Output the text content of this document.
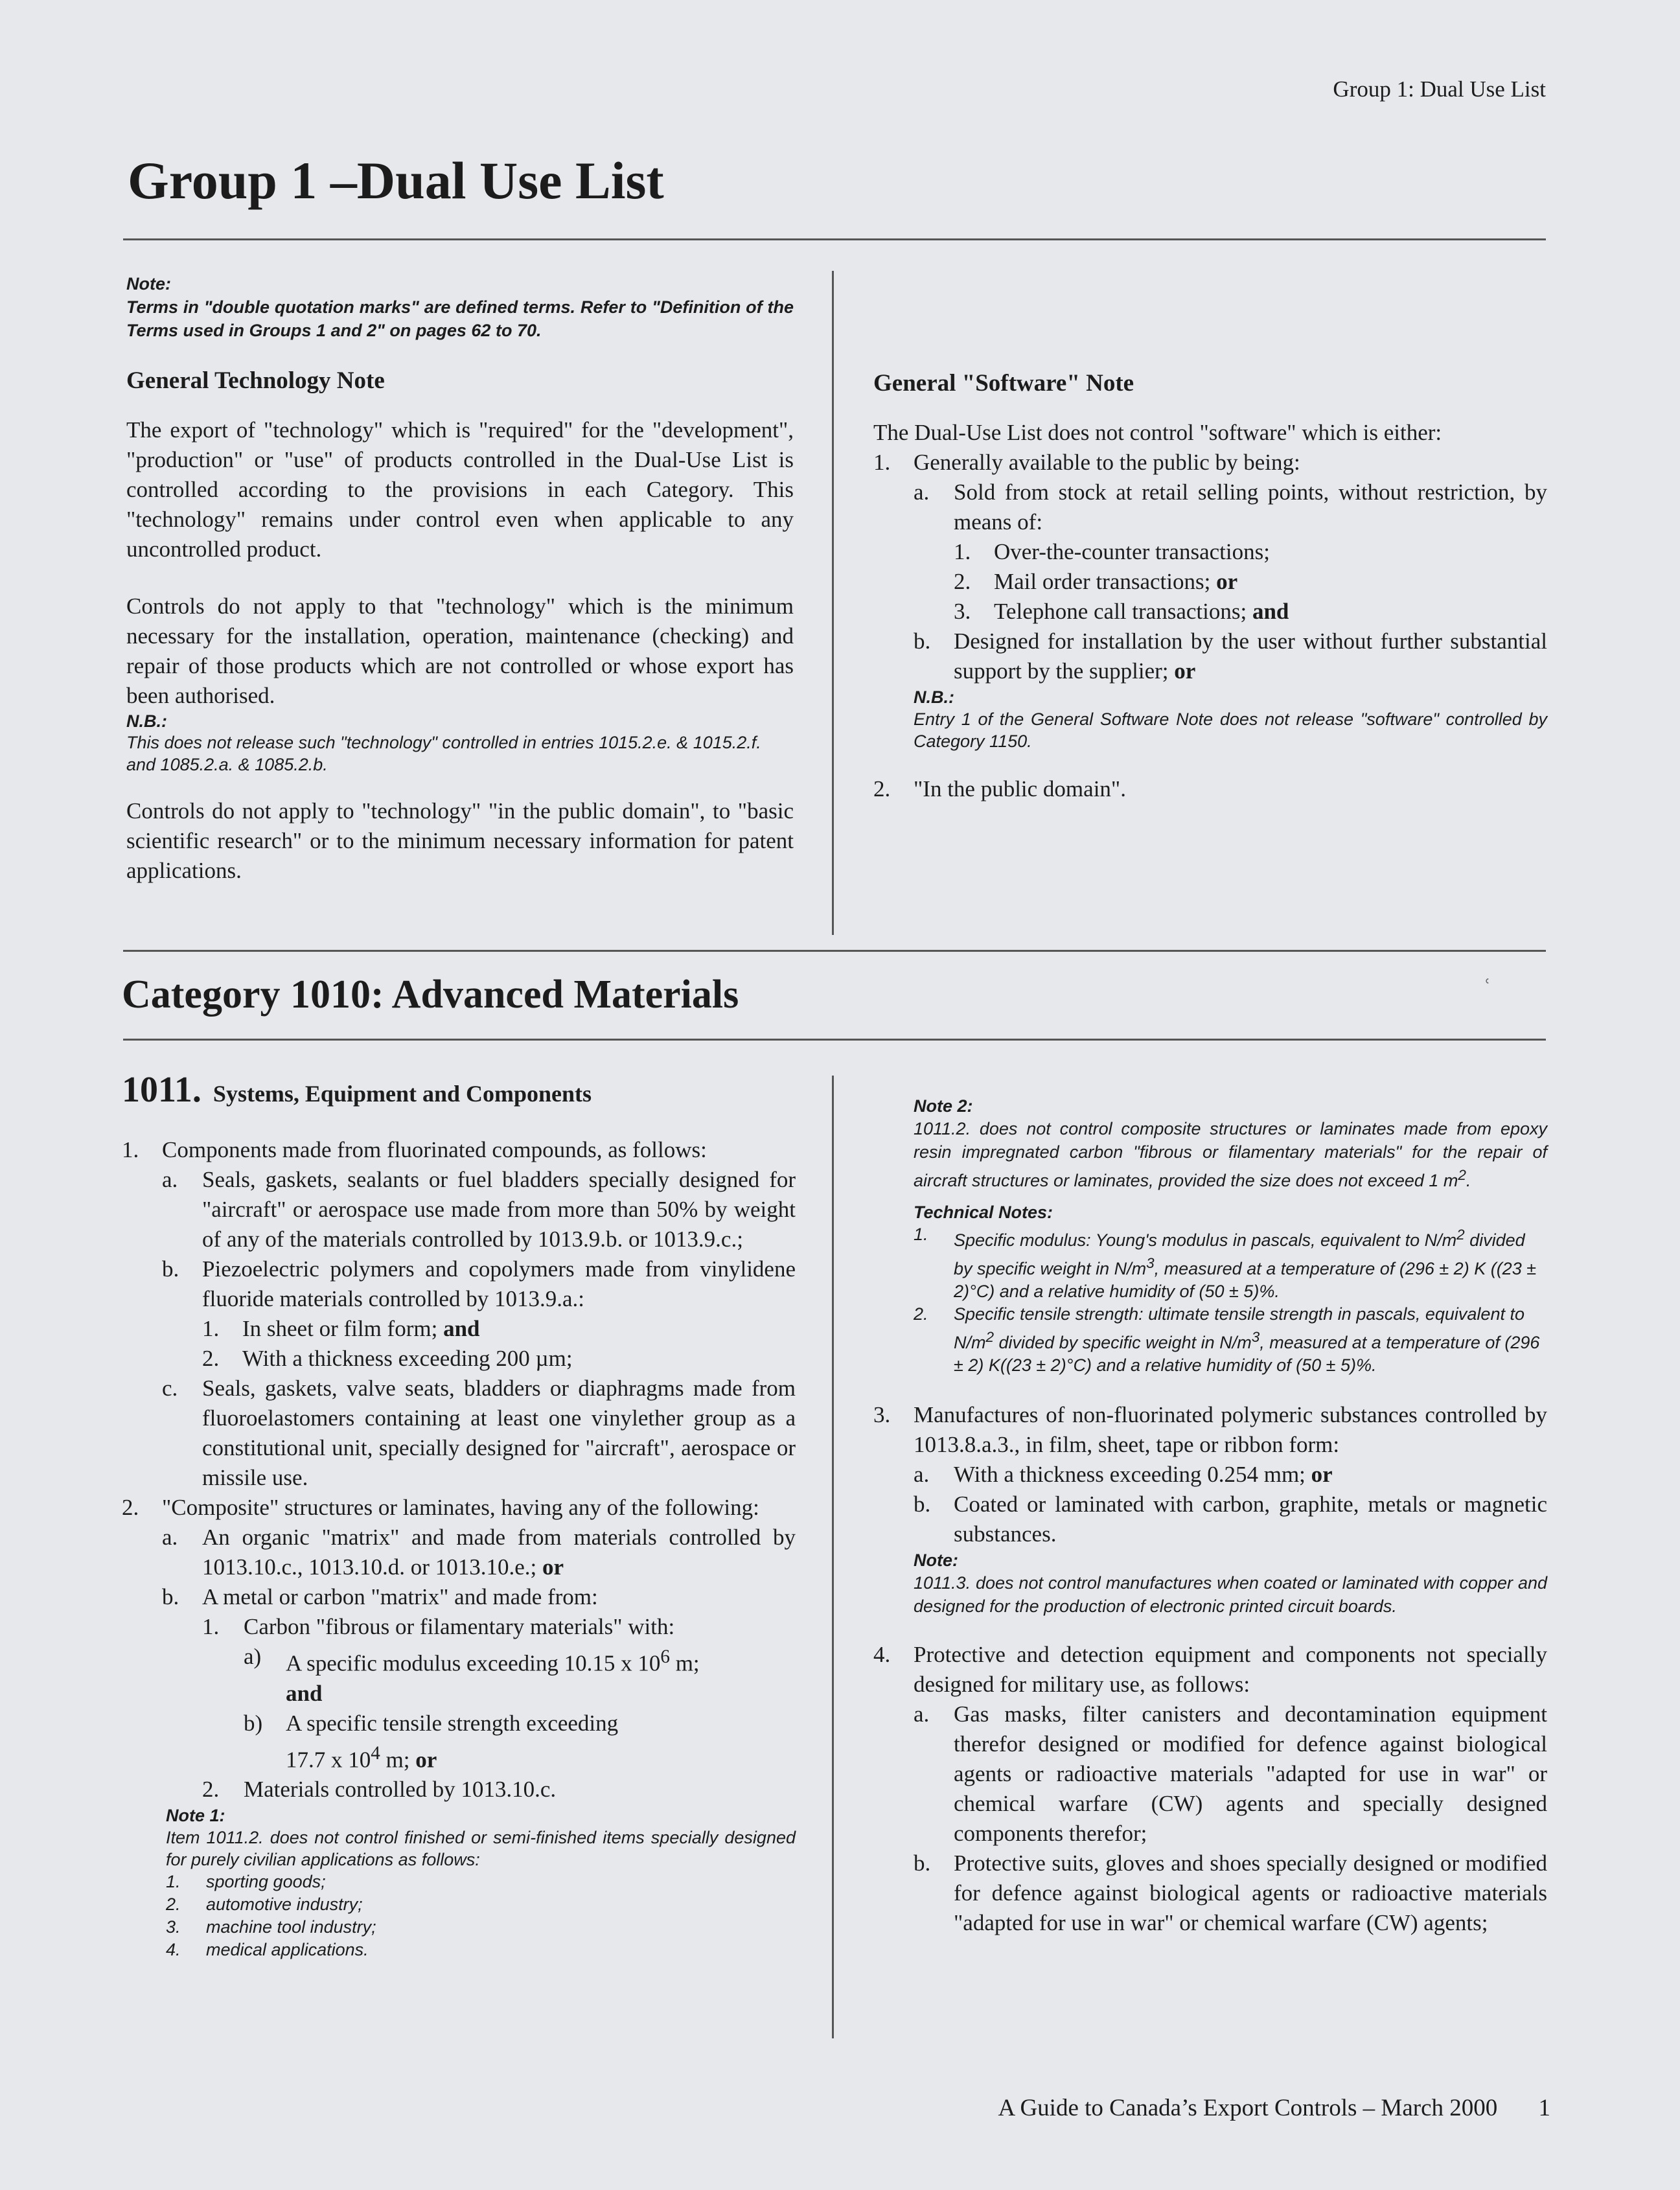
Group 1: Dual Use List
Group 1 –Dual Use List
Note:
Terms in "double quotation marks" are defined terms. Refer to "Definition of the Terms used in Groups 1 and 2" on pages 62 to 70.
General Technology Note
The export of "technology" which is "required" for the "development", "production" or "use" of products controlled in the Dual-Use List is controlled according to the provisions in each Category. This "technology" remains under control even when applicable to any uncontrolled product.
Controls do not apply to that "technology" which is the minimum necessary for the installation, operation, maintenance (checking) and repair of those products which are not controlled or whose export has been authorised.
N.B.:
This does not release such "technology" controlled in entries 1015.2.e. & 1015.2.f. and 1085.2.a. & 1085.2.b.
Controls do not apply to "technology" "in the public domain", to "basic scientific research" or to the minimum necessary information for patent applications.
General "Software" Note
The Dual-Use List does not control "software" which is either:
1. Generally available to the public by being:
a. Sold from stock at retail selling points, without restriction, by means of:
1. Over-the-counter transactions;
2. Mail order transactions; or
3. Telephone call transactions; and
b. Designed for installation by the user without further substantial support by the supplier; or
N.B.:
Entry 1 of the General Software Note does not release "software" controlled by Category 1150.
2. "In the public domain".
Category 1010: Advanced Materials	ʿ
1011. Systems, Equipment and Components
1. Components made from fluorinated compounds, as follows:
a. Seals, gaskets, sealants or fuel bladders specially designed for "aircraft" or aerospace use made from more than 50% by weight of any of the materials controlled by 1013.9.b. or 1013.9.c.;
b. Piezoelectric polymers and copolymers made from vinylidene fluoride materials controlled by 1013.9.a.:
1. In sheet or film form; and
2. With a thickness exceeding 200 µm;
c. Seals, gaskets, valve seats, bladders or diaphragms made from fluoroelastomers containing at least one vinylether group as a constitutional unit, specially designed for "aircraft", aerospace or missile use.
2. "Composite" structures or laminates, having any of the following:
a. An organic "matrix" and made from materials controlled by 1013.10.c., 1013.10.d. or 1013.10.e.; or
b. A metal or carbon "matrix" and made from:
1. Carbon "fibrous or filamentary materials" with:
a) A specific modulus exceeding 10.15 x $10^6$ m;
and
b) A specific tensile strength exceeding
17.7 x $10^4$ m; or
2. Materials controlled by 1013.10.c.
Note 1:
Item 1011.2. does not control finished or semi-finished items specially designed for purely civilian applications as follows:
1. sporting goods;
2. automotive industry;
3. machine tool industry;
4. medical applications.
Note 2:
1011.2. does not control composite structures or laminates made from epoxy resin impregnated carbon "fibrous or filamentary materials" for the repair of aircraft structures or laminates, provided the size does not exceed 1 $m^2$.
Technical Notes:
1. Specific modulus: Young's modulus in pascals, equivalent to $N/m^2$ divided by specific weight in $N/m^3$, measured at a temperature of (296 ± 2) K ((23 ± 2)°C) and a relative humidity of (50 ± 5)%.
2. Specific tensile strength: ultimate tensile strength in pascals, equivalent to $N/m^2$ divided by specific weight in $N/m^3$, measured at a temperature of (296 ± 2) K((23 ± 2)°C) and a relative humidity of (50 ± 5)%.
3. Manufactures of non-fluorinated polymeric substances controlled by 1013.8.a.3., in film, sheet, tape or ribbon form:
a. With a thickness exceeding 0.254 mm; or
b. Coated or laminated with carbon, graphite, metals or magnetic substances.
Note:
1011.3. does not control manufactures when coated or laminated with copper and designed for the production of electronic printed circuit boards.
4. Protective and detection equipment and components not specially designed for military use, as follows:
a. Gas masks, filter canisters and decontamination equipment therefor designed or modified for defence against biological agents or radioactive materials "adapted for use in war" or chemical warfare (CW) agents and specially designed components therefor;
b. Protective suits, gloves and shoes specially designed or modified for defence against biological agents or radioactive materials "adapted for use in war" or chemical warfare (CW) agents;
A Guide to Canada’s Export Controls – March 2000 1
